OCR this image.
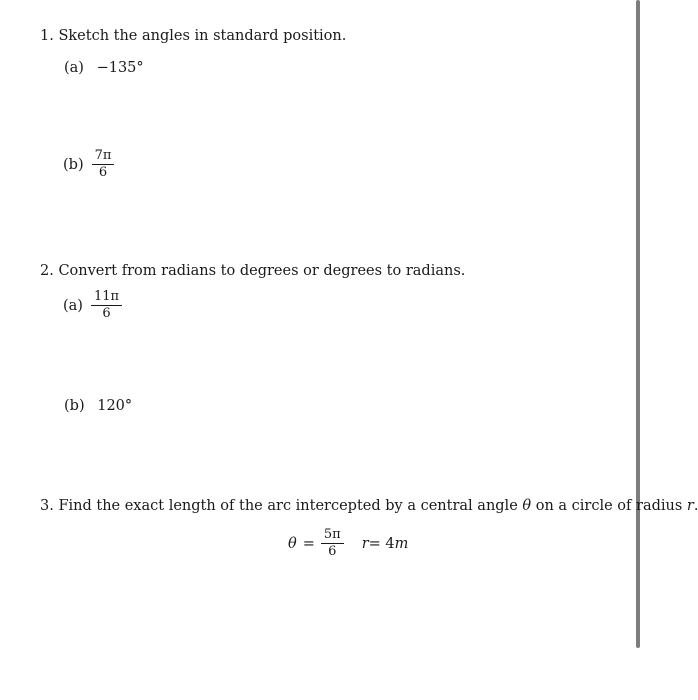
1. Sketch the angles in standard position.
(a) −135°
$(b) \frac{7\pi}{6}$
2. Convert from radians to degrees or degrees to radians.
$(a) \frac{11\pi}{6}$
(b) 120°
3. Find the exact length of the arc intercepted by a central angle θ on a circle of radius r.
$\theta = \frac{5\pi}{6}$ r = 4 m
